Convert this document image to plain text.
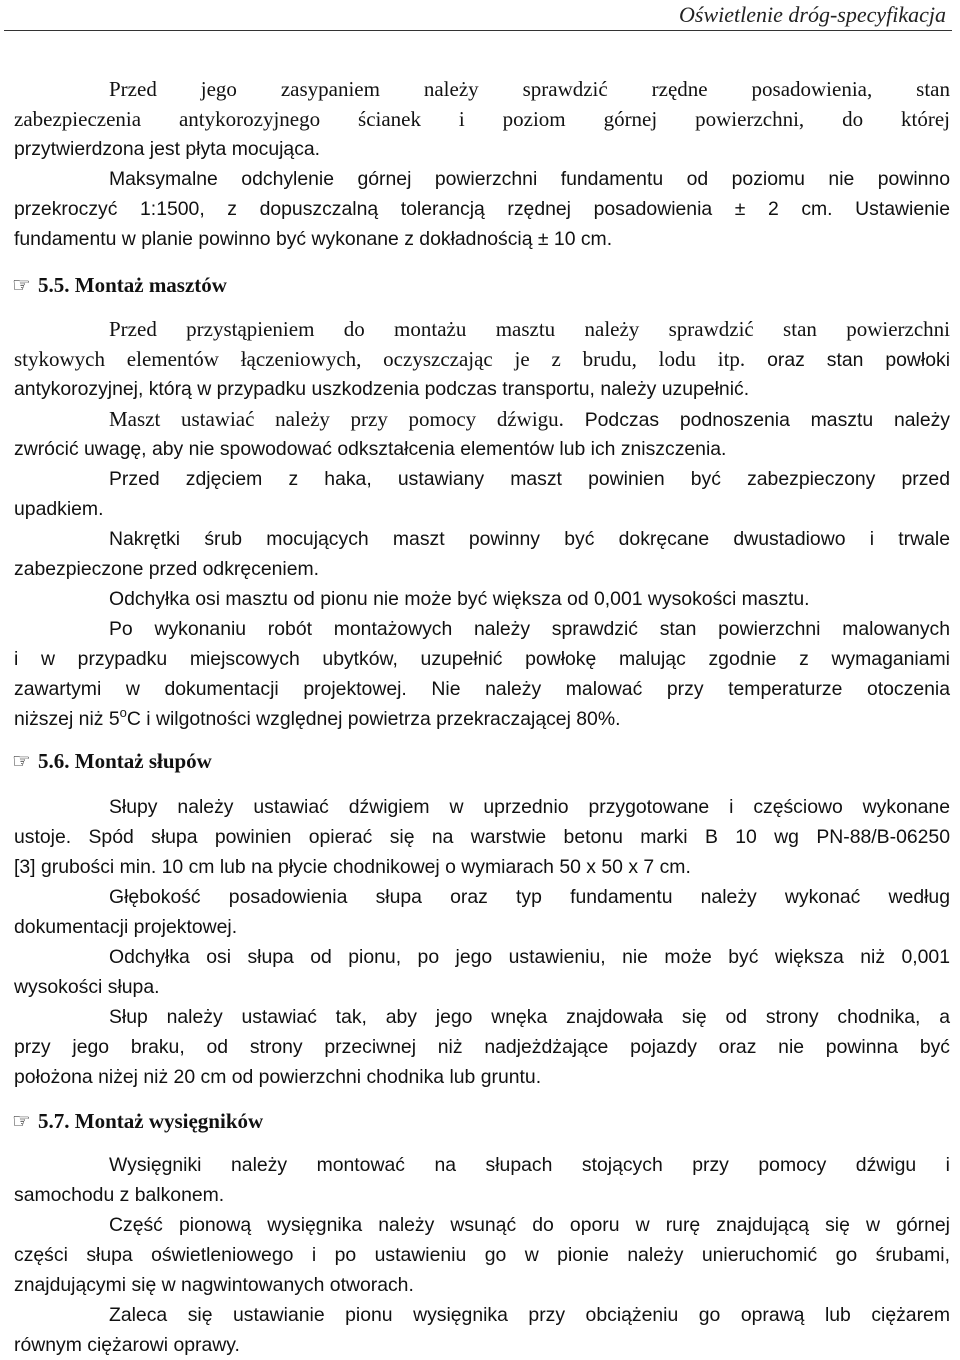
Oświetlenie dróg-specyfikacja
Przed jego zasypaniem należy sprawdzić rzędne posadowienia, stan
zabezpieczenia antykorozyjnego ścianek i poziom górnej powierzchni, do której
przytwierdzona jest płyta mocująca.
Maksymalne odchylenie górnej powierzchni fundamentu od poziomu nie powinno
przekroczyć 1:1500, z dopuszczalną tolerancją rzędnej posadowienia ± 2 cm. Ustawienie
fundamentu w planie powinno być wykonane z dokładnością ± 10 cm.
☞ 5.5. Montaż masztów
Przed przystąpieniem do montażu masztu należy sprawdzić stan powierzchni
stykowych elementów łączeniowych, oczyszczając je z brudu, lodu itp. oraz stan powłoki
antykorozyjnej, którą w przypadku uszkodzenia podczas transportu, należy uzupełnić.
Maszt ustawiać należy przy pomocy dźwigu. Podczas podnoszenia masztu należy
zwrócić uwagę, aby nie spowodować odkształcenia elementów lub ich zniszczenia.
Przed zdjęciem z haka, ustawiany maszt powinien być zabezpieczony przed
upadkiem.
Nakrętki śrub mocujących maszt powinny być dokręcane dwustadiowo i trwale
zabezpieczone przed odkręceniem.
Odchyłka osi masztu od pionu nie może być większa od 0,001 wysokości masztu.
Po wykonaniu robót montażowych należy sprawdzić stan powierzchni malowanych
i w przypadku miejscowych ubytków, uzupełnić powłokę malując zgodnie z wymaganiami
zawartymi w dokumentacji projektowej. Nie należy malować przy temperaturze otoczenia
niższej niż 5$^o$C i wilgotności względnej powietrza przekraczającej 80%.
☞ 5.6. Montaż słupów
Słupy należy ustawiać dźwigiem w uprzednio przygotowane i częściowo wykonane
ustoje. Spód słupa powinien opierać się na warstwie betonu marki B 10 wg PN-88/B-06250
[3] grubości min. 10 cm lub na płycie chodnikowej o wymiarach 50 x 50 x 7 cm.
Głębokość posadowienia słupa oraz typ fundamentu należy wykonać według
dokumentacji projektowej.
Odchyłka osi słupa od pionu, po jego ustawieniu, nie może być większa niż 0,001
wysokości słupa.
Słup należy ustawiać tak, aby jego wnęka znajdowała się od strony chodnika, a
przy jego braku, od strony przeciwnej niż nadjeżdżające pojazdy oraz nie powinna być
położona niżej niż 20 cm od powierzchni chodnika lub gruntu.
☞ 5.7. Montaż wysięgników
Wysięgniki należy montować na słupach stojących przy pomocy dźwigu i
samochodu z balkonem.
Część pionową wysięgnika należy wsunąć do oporu w rurę znajdującą się w górnej
części słupa oświetleniowego i po ustawieniu go w pionie należy unieruchomić go śrubami,
znajdującymi się w nagwintowanych otworach.
Zaleca się ustawianie pionu wysięgnika przy obciążeniu go oprawą lub ciężarem
równym ciężarowi oprawy.
